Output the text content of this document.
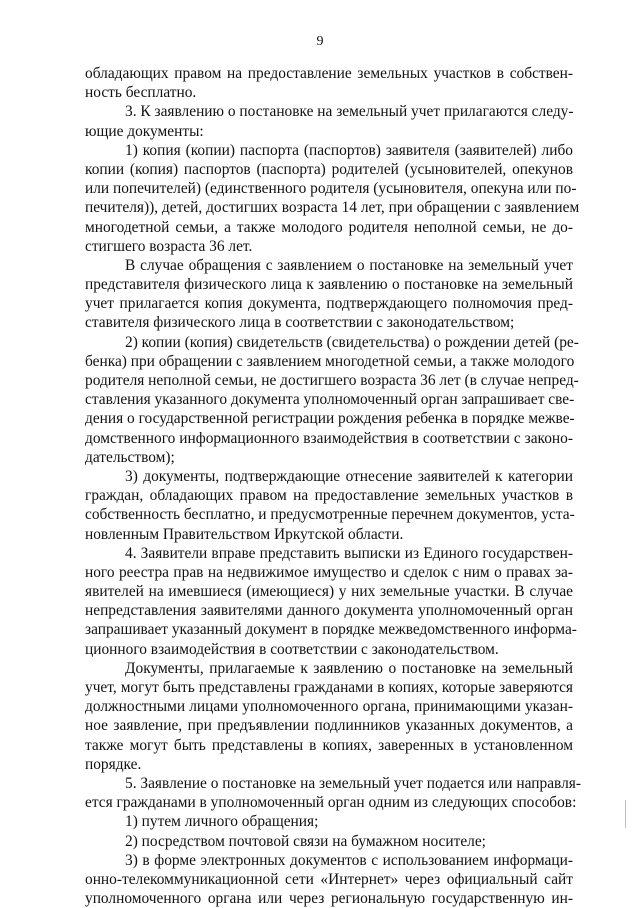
9
обладающих правом на предоставление земельных участков в собствен-
ность бесплатно.
3. К заявлению о постановке на земельный учет прилагаются следу-
ющие документы:
1) копия (копии) паспорта (паспортов) заявителя (заявителей) либо
копии (копия) паспортов (паспорта) родителей (усыновителей, опекунов
или попечителей) (единственного родителя (усыновителя, опекуна или по-
печителя)), детей, достигших возраста 14 лет, при обращении с заявлением
многодетной семьи, а также молодого родителя неполной семьи, не до-
стигшего возраста 36 лет.
В случае обращения с заявлением о постановке на земельный учет
представителя физического лица к заявлению о постановке на земельный
учет прилагается копия документа, подтверждающего полномочия пред-
ставителя физического лица в соответствии с законодательством;
2) копии (копия) свидетельств (свидетельства) о рождении детей (ре-
бенка) при обращении с заявлением многодетной семьи, а также молодого
родителя неполной семьи, не достигшего возраста 36 лет (в случае непред-
ставления указанного документа уполномоченный орган запрашивает све-
дения о государственной регистрации рождения ребенка в порядке межве-
домственного информационного взаимодействия в соответствии с законо-
дательством);
3) документы, подтверждающие отнесение заявителей к категории
граждан, обладающих правом на предоставление земельных участков в
собственность бесплатно, и предусмотренные перечнем документов, уста-
новленным Правительством Иркутской области.
4. Заявители вправе представить выписки из Единого государствен-
ного реестра прав на недвижимое имущество и сделок с ним о правах за-
явителей на имевшиеся (имеющиеся) у них земельные участки. В случае
непредставления заявителями данного документа уполномоченный орган
запрашивает указанный документ в порядке межведомственного информа-
ционного взаимодействия в соответствии с законодательством.
Документы, прилагаемые к заявлению о постановке на земельный
учет, могут быть представлены гражданами в копиях, которые заверяются
должностными лицами уполномоченного органа, принимающими указан-
ное заявление, при предъявлении подлинников указанных документов, а
также могут быть представлены в копиях, заверенных в установленном
порядке.
5. Заявление о постановке на земельный учет подается или направля-
ется гражданами в уполномоченный орган одним из следующих способов:
1) путем личного обращения;
2) посредством почтовой связи на бумажном носителе;
3) в форме электронных документов с использованием информаци-
онно-телекоммуникационной сети «Интернет» через официальный сайт
уполномоченного органа или через региональную государственную ин-
